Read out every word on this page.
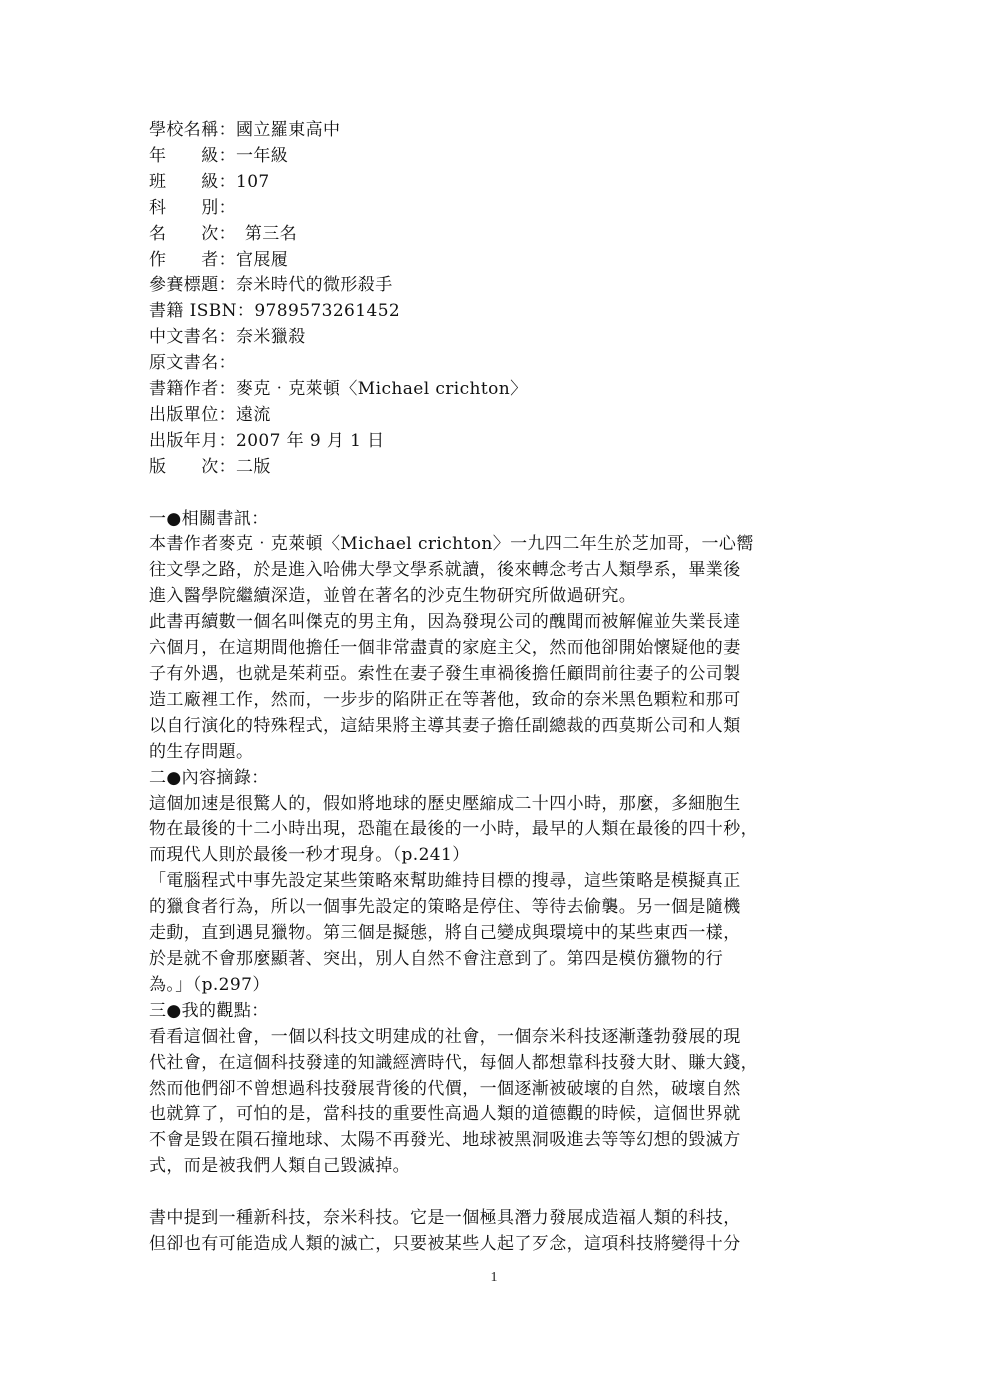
學校名稱：國立羅東高中

年　　級：一年級

班　　級：107

科　　別：

名　　次：　第三名

作　　者：官展履

參賽標題：奈米時代的微形殺手

書籍 ISBN：9789573261452

中文書名：奈米獵殺

原文書名：

書籍作者：麥克‧克萊頓〈Michael crichton〉

出版單位：遠流

出版年月：2007 年 9 月 1 日

版　　次：二版

一●相關書訊：

本書作者麥克‧克萊頓〈Michael crichton〉一九四二年生於芝加哥，一心嚮

往文學之路，於是進入哈佛大學文學系就讀，後來轉念考古人類學系，畢業後

進入醫學院繼續深造，並曾在著名的沙克生物研究所做過研究。

此書再續數一個名叫傑克的男主角，因為發現公司的醜聞而被解僱並失業長達

六個月，在這期間他擔任一個非常盡責的家庭主父，然而他卻開始懷疑他的妻

子有外遇，也就是茱莉亞。索性在妻子發生車禍後擔任顧問前往妻子的公司製

造工廠裡工作，然而，一步步的陷阱正在等著他，致命的奈米黑色顆粒和那可

以自行演化的特殊程式，這結果將主導其妻子擔任副總裁的西莫斯公司和人類

的生存問題。

二●內容摘錄：

這個加速是很驚人的，假如將地球的歷史壓縮成二十四小時，那麼，多細胞生

物在最後的十二小時出現，恐龍在最後的一小時，最早的人類在最後的四十秒，

而現代人則於最後一秒才現身。（p.241）

「電腦程式中事先設定某些策略來幫助維持目標的搜尋，這些策略是模擬真正

的獵食者行為，所以一個事先設定的策略是停住、等待去偷襲。另一個是隨機

走動，直到遇見獵物。第三個是擬態，將自己變成與環境中的某些東西一樣，

於是就不會那麼顯著、突出，別人自然不會注意到了。第四是模仿獵物的行

為。」（p.297）

三●我的觀點：

看看這個社會，一個以科技文明建成的社會，一個奈米科技逐漸蓬勃發展的現

代社會，在這個科技發達的知識經濟時代，每個人都想靠科技發大財、賺大錢，

然而他們卻不曾想過科技發展背後的代價，一個逐漸被破壞的自然，破壞自然

也就算了，可怕的是，當科技的重要性高過人類的道德觀的時候，這個世界就

不會是毀在隕石撞地球、太陽不再發光、地球被黑洞吸進去等等幻想的毀滅方

式，而是被我們人類自己毀滅掉。

書中提到一種新科技，奈米科技。它是一個極具潛力發展成造福人類的科技，

但卻也有可能造成人類的滅亡，只要被某些人起了歹念，這項科技將變得十分

1
